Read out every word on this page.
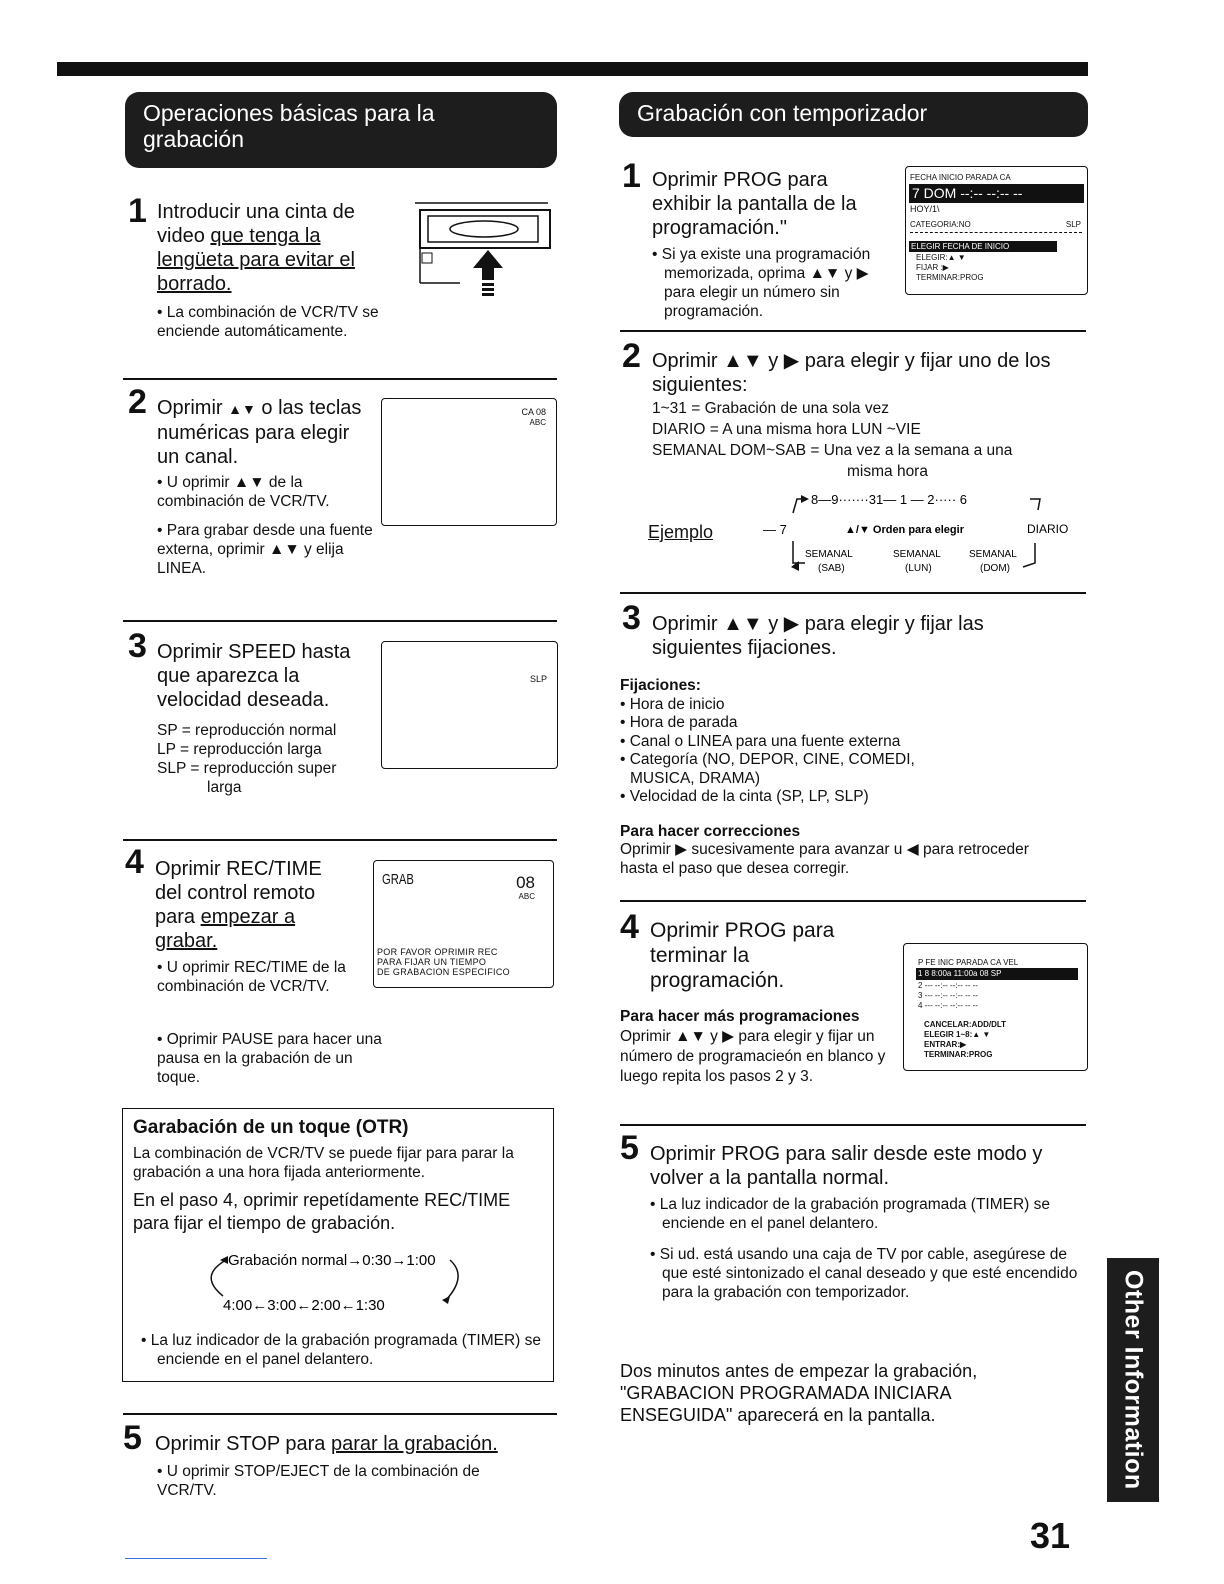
Operaciones básicas para la grabación
1 Introducir una cinta de
video que tenga la
lengüeta para evitar el
borrado.
• La combinación de VCR/TV se enciende automáticamente.
2 Oprimir ▲▼ o las teclas numéricas para elegir un canal.
• U oprimir ▲▼ de la combinación de VCR/TV.
• Para grabar desde una fuente externa, oprimir ▲▼ y elija LINEA.
CA 08
ABC
3 Oprimir SPEED hasta que aparezca la velocidad deseada.
SP = reproducción normal
LP = reproducción larga
SLP = reproducción super
larga
SLP
4 Oprimir REC/TIME
del control remoto
para empezar a
grabar.
• U oprimir REC/TIME de la combinación de VCR/TV.
• Oprimir PAUSE para hacer una pausa en la grabación de un toque.
GRAB	08
ABC
POR FAVOR OPRIMIR REC
PARA FIJAR UN TIEMPO
DE GRABACION ESPECIFICO
Garabación de un toque (OTR)
La combinación de VCR/TV se puede fijar para parar la grabación a una hora fijada anteriormente.
En el paso 4, oprimir repetídamente REC/TIME para fijar el tiempo de grabación.
Grabación normal→0:30→1:00
4:00←3:00←2:00←1:30
• La luz indicador de la grabación programada (TIMER) se enciende en el panel delantero.
5 Oprimir STOP para parar la grabación.
• U oprimir STOP/EJECT de la combinación de VCR/TV.
Grabación con temporizador
1 Oprimir PROG para exhibir la pantalla de la programación."
• Si ya existe una programación memorizada, oprima ▲▼ y ▶ para elegir un número sin programación.
FECHA INICIO PARADA CA
7 DOM --:-- --:-- --
HOY/1\
CATEGORIA:NO	SLP
ELEGIR FECHA DE INICIO
ELEGIR:▲ ▼
FIJAR :▶
TERMINAR:PROG
2 Oprimir ▲▼ y ▶ para elegir y fijar uno de los siguientes:
1~31 = Grabación de una sola vez
DIARIO = A una misma hora LUN ~VIE
SEMANAL DOM~SAB = Una vez a la semana a una
misma hora
Ejemplo
8—9·······31— 1 — 2····· 6
— 7	▲/▼ Orden para elegir	DIARIO
SEMANAL
(SAB)
SEMANAL
(LUN)
SEMANAL
(DOM)
3 Oprimir ▲▼ y ▶ para elegir y fijar las siguientes fijaciones.
Fijaciones:
• Hora de inicio
• Hora de parada
• Canal o LINEA para una fuente externa
• Categoría (NO, DEPOR, CINE, COMEDI,
MUSICA, DRAMA)
• Velocidad de la cinta (SP, LP, SLP)
Para hacer correcciones
Oprimir ▶ sucesivamente para avanzar u ◀ para retroceder hasta el paso que desea corregir.
4 Oprimir PROG para terminar la programación.
Para hacer más programaciones
Oprimir ▲▼ y ▶ para elegir y fijar un número de programacieón en blanco y luego repita los pasos 2 y 3.
P FE INIC PARADA CA VEL
1 8 8:00a 11:00a 08 SP
2 --- --:-- --:-- -- --
3 --- --:-- --:-- -- --
4 --- --:-- --:-- -- --
CANCELAR:ADD/DLT
ELEGIR 1~8:▲ ▼
ENTRAR:▶
TERMINAR:PROG
5 Oprimir PROG para salir desde este modo y volver a la pantalla normal.
• La luz indicador de la grabación programada (TIMER) se enciende en el panel delantero.
• Si ud. está usando una caja de TV por cable, asegúrese de que esté sintonizado el canal deseado y que esté encendido para la grabación con temporizador.
Dos minutos antes de empezar la grabación, "GRABACION PROGRAMADA INICIARA ENSEGUIDA" aparecerá en la pantalla.	Other Information
31
